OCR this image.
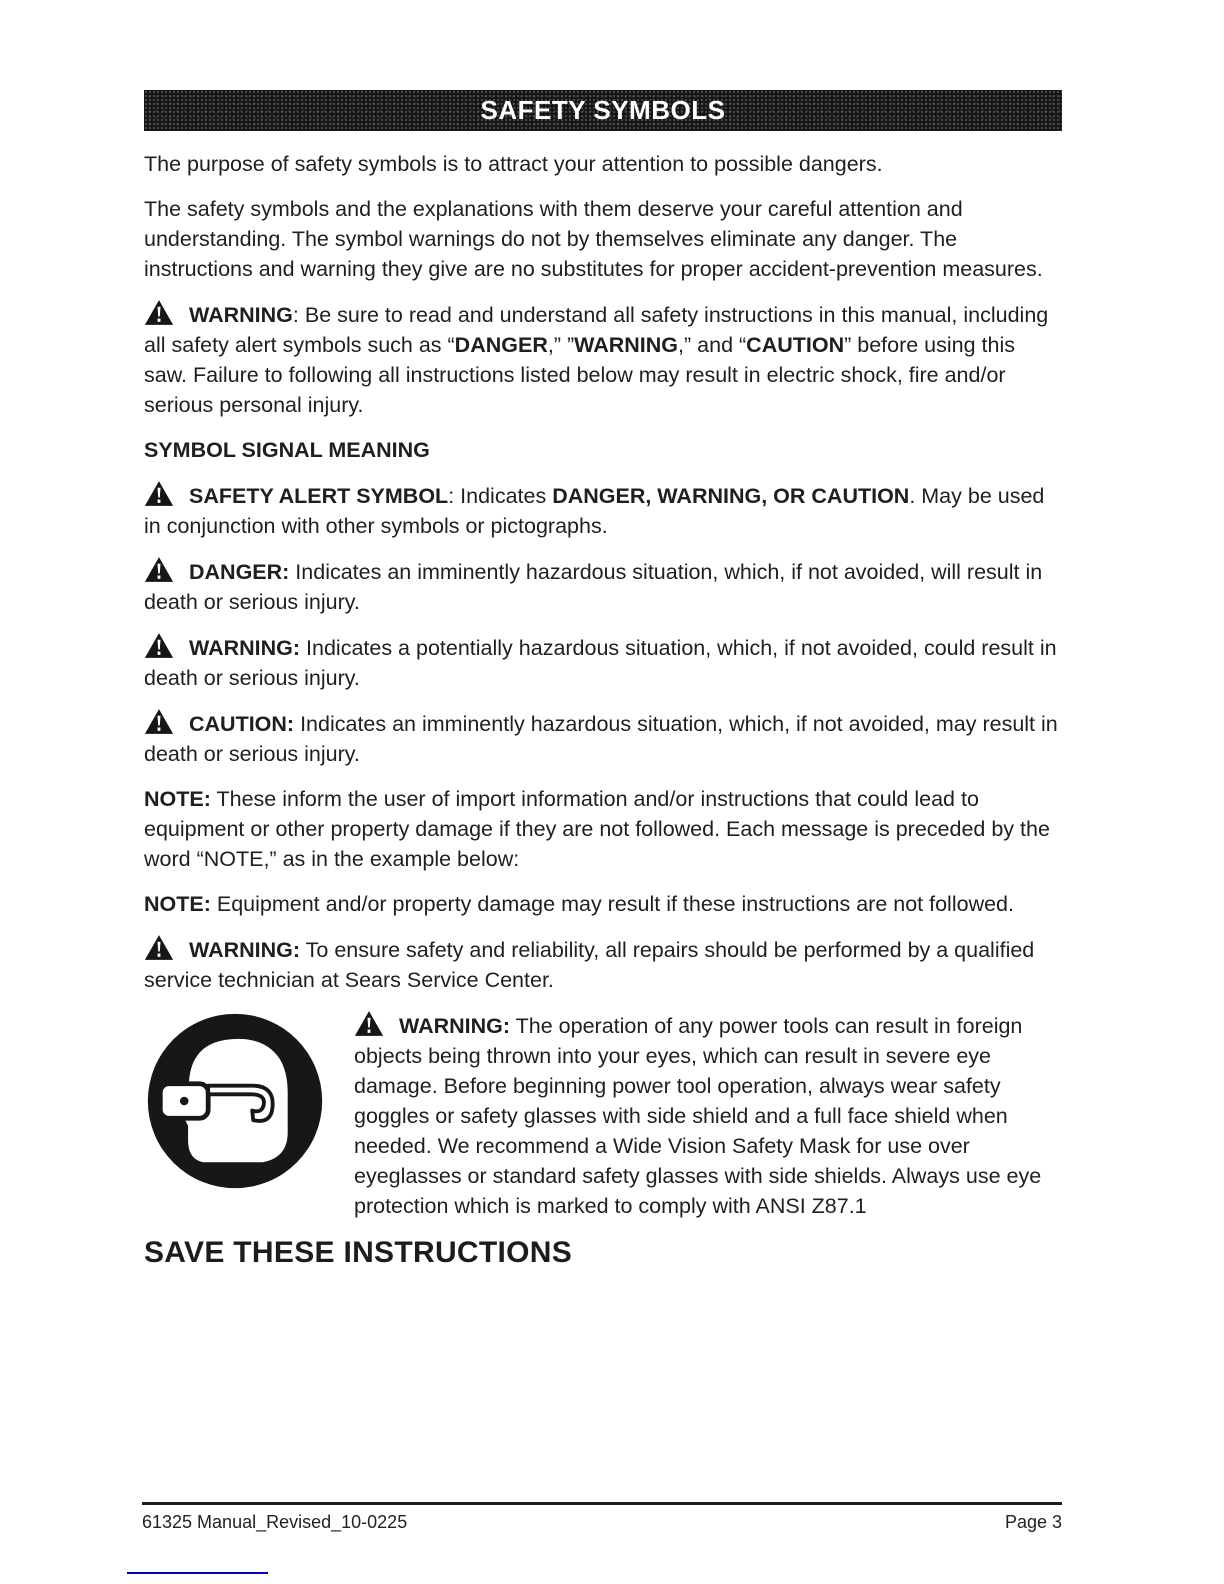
SAFETY SYMBOLS

The purpose of safety symbols is to attract your attention to possible dangers.

The safety symbols and the explanations with them deserve your careful attention and understanding. The symbol warnings do not by themselves eliminate any danger. The instructions and warning they give are no substitutes for proper accident-prevention measures.

WARNING: Be sure to read and understand all safety instructions in this manual, including all safety alert symbols such as “DANGER,” ”WARNING,” and “CAUTION” before using this saw. Failure to following all instructions listed below may result in electric shock, fire and/or serious personal injury.

SYMBOL SIGNAL MEANING

SAFETY ALERT SYMBOL: Indicates DANGER, WARNING, OR CAUTION. May be used in conjunction with other symbols or pictographs.

DANGER: Indicates an imminently hazardous situation, which, if not avoided, will result in death or serious injury.

WARNING: Indicates a potentially hazardous situation, which, if not avoided, could result in death or serious injury.

CAUTION: Indicates an imminently hazardous situation, which, if not avoided, may result in death or serious injury.

NOTE: These inform the user of import information and/or instructions that could lead to equipment or other property damage if they are not followed. Each message is preceded by the word “NOTE,” as in the example below:

NOTE: Equipment and/or property damage may result if these instructions are not followed.

WARNING: To ensure safety and reliability, all repairs should be performed by a qualified service technician at Sears Service Center.

WARNING: The operation of any power tools can result in foreign objects being thrown into your eyes, which can result in severe eye damage. Before beginning power tool operation, always wear safety goggles or safety glasses with side shield and a full face shield when needed. We recommend a Wide Vision Safety Mask for use over eyeglasses or standard safety glasses with side shields. Always use eye protection which is marked to comply with ANSI Z87.1

SAVE THESE INSTRUCTIONS
61325 Manual_Revised_10-0225	Page 3
